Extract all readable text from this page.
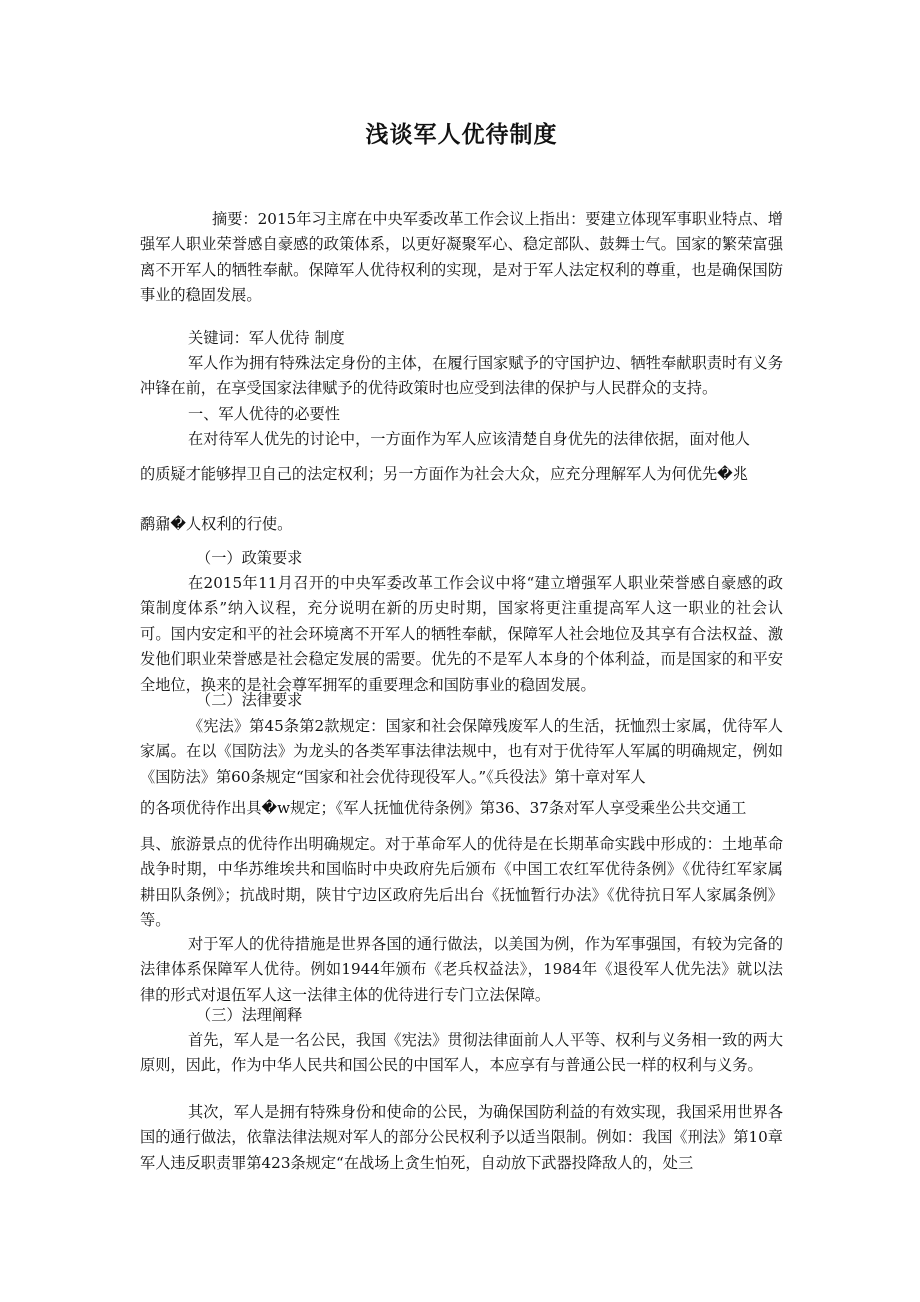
浅谈军人优待制度

摘要：2015年习主席在中央军委改革工作会议上指出：要建立体现军事职业特点、增强军人职业荣誉感自豪感的政策体系，以更好凝聚军心、稳定部队、鼓舞士气。国家的繁荣富强离不开军人的牺牲奉献。保障军人优待权利的实现，是对于军人法定权利的尊重，也是确保国防事业的稳固发展。

关键词：军人优待 制度

军人作为拥有特殊法定身份的主体，在履行国家赋予的守国护边、牺牲奉献职责时有义务冲锋在前，在享受国家法律赋予的优待政策时也应受到法律的保护与人民群众的支持。

一、军人优待的必要性

在对待军人优先的讨论中，一方面作为军人应该清楚自身优先的法律依据，面对他人

的质疑才能够捍卫自己的法定权利；另一方面作为社会大众，应充分理解军人为何优先�兆

鹬鼐�人权利的行使。

（一）政策要求

在2015年11月召开的中央军委改革工作会议中将“建立增强军人职业荣誉感自豪感的政策制度体系”纳入议程，充分说明在新的历史时期，国家将更注重提高军人这一职业的社会认可。国内安定和平的社会环境离不开军人的牺牲奉献，保障军人社会地位及其享有合法权益、激发他们职业荣誉感是社会稳定发展的需要。优先的不是军人本身的个体利益，而是国家的和平安全地位，换来的是社会尊军拥军的重要理念和国防事业的稳固发展。

（二）法律要求

《宪法》第45条第2款规定：国家和社会保障残废军人的生活，抚恤烈士家属，优待军人家属。在以《国防法》为龙头的各类军事法律法规中，也有对于优待军人军属的明确规定，例如《国防法》第60条规定“国家和社会优待现役军人。”《兵役法》第十章对军人

的各项优待作出具�w规定；《军人抚恤优待条例》第36、37条对军人享受乘坐公共交通工

具、旅游景点的优待作出明确规定。对于革命军人的优待是在长期革命实践中形成的：土地革命战争时期，中华苏维埃共和国临时中央政府先后颁布《中国工农红军优待条例》《优待红军家属耕田队条例》；抗战时期，陕甘宁边区政府先后出台《抚恤暂行办法》《优待抗日军人家属条例》等。

对于军人的优待措施是世界各国的通行做法，以美国为例，作为军事强国，有较为完备的法律体系保障军人优待。例如1944年颁布《老兵权益法》，1984年《退役军人优先法》就以法律的形式对退伍军人这一法律主体的优待进行专门立法保障。

（三）法理阐释

首先，军人是一名公民，我国《宪法》贯彻法律面前人人平等、权利与义务相一致的两大原则，因此，作为中华人民共和国公民的中国军人，本应享有与普通公民一样的权利与义务。

其次，军人是拥有特殊身份和使命的公民，为确保国防利益的有效实现，我国采用世界各国的通行做法，依靠法律法规对军人的部分公民权利予以适当限制。例如：我国《刑法》第10章军人违反职责罪第423条规定“在战场上贪生怕死，自动放下武器投降敌人的，处三
